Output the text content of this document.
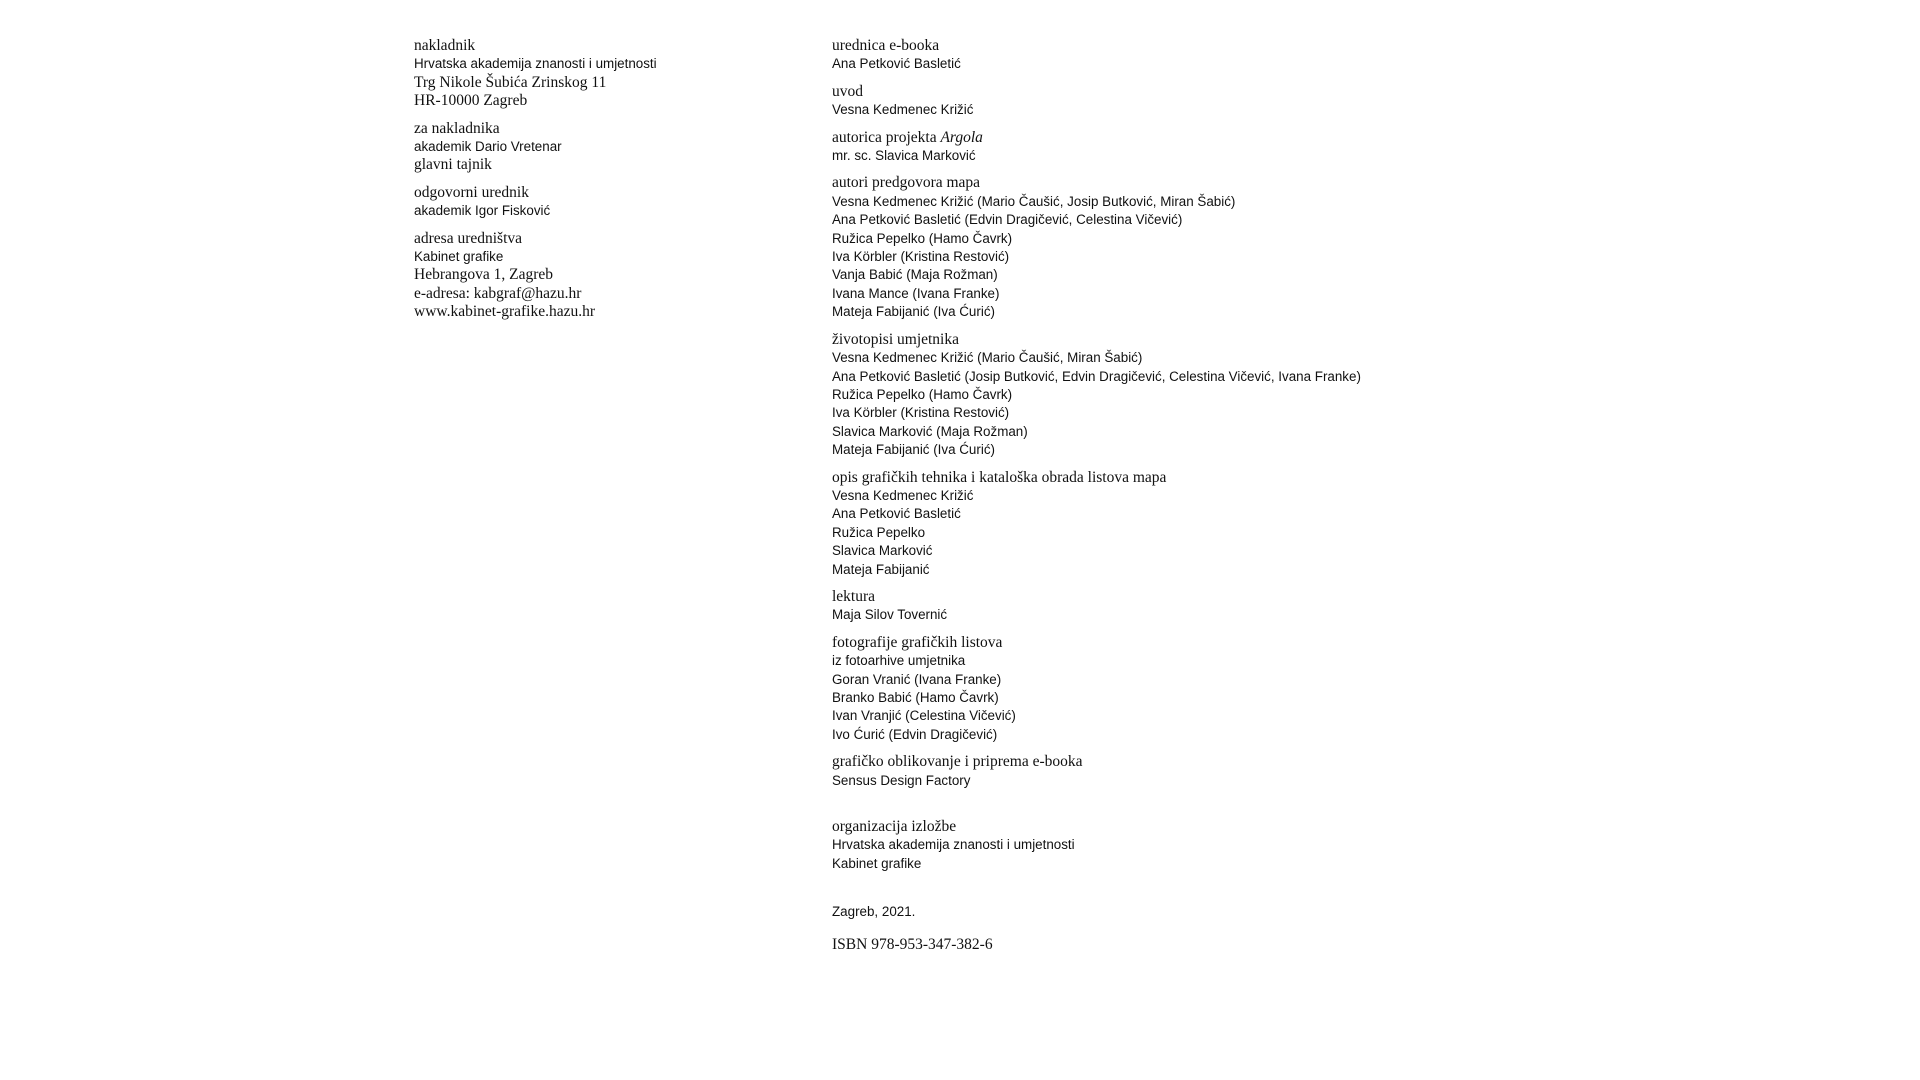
nakladnik
Hrvatska akademija znanosti i umjetnosti
Trg Nikole Šubića Zrinskog 11
HR-10000 Zagreb
za nakladnika
akademik Dario Vretenar
glavni tajnik
odgovorni urednik
akademik Igor Fisković
adresa uredništva
Kabinet grafike
Hebrangova 1, Zagreb
e-adresa: kabgraf@hazu.hr
www.kabinet-grafike.hazu.hr
urednica e-booka
Ana Petković Basletić
uvod
Vesna Kedmenec Križić
autorica projekta Argola
mr. sc. Slavica Marković
autori predgovora mapa
Vesna Kedmenec Križić (Mario Čaušić, Josip Butković, Miran Šabić)
Ana Petković Basletić (Edvin Dragičević, Celestina Vičević)
Ružica Pepelko (Hamo Čavrk)
Iva Körbler (Kristina Restović)
Vanja Babić (Maja Rožman)
Ivana Mance (Ivana Franke)
Mateja Fabijanić (Iva Ćurić)
životopisi umjetnika
Vesna Kedmenec Križić (Mario Čaušić, Miran Šabić)
Ana Petković Basletić (Josip Butković, Edvin Dragičević, Celestina Vičević, Ivana Franke)
Ružica Pepelko (Hamo Čavrk)
Iva Körbler (Kristina Restović)
Slavica Marković (Maja Rožman)
Mateja Fabijanić (Iva Ćurić)
opis grafičkih tehnika i kataloška obrada listova mapa
Vesna Kedmenec Križić
Ana Petković Basletić
Ružica Pepelko
Slavica Marković
Mateja Fabijanić
lektura
Maja Silov Tovernić
fotografije grafičkih listova
iz fotoarhive umjetnika
Goran Vranić (Ivana Franke)
Branko Babić (Hamo Čavrk)
Ivan Vranjić (Celestina Vičević)
Ivo Ćurić (Edvin Dragičević)
grafičko oblikovanje i priprema e-booka
Sensus Design Factory
organizacija izložbe
Hrvatska akademija znanosti i umjetnosti
Kabinet grafike
Zagreb, 2021.
ISBN 978-953-347-382-6
